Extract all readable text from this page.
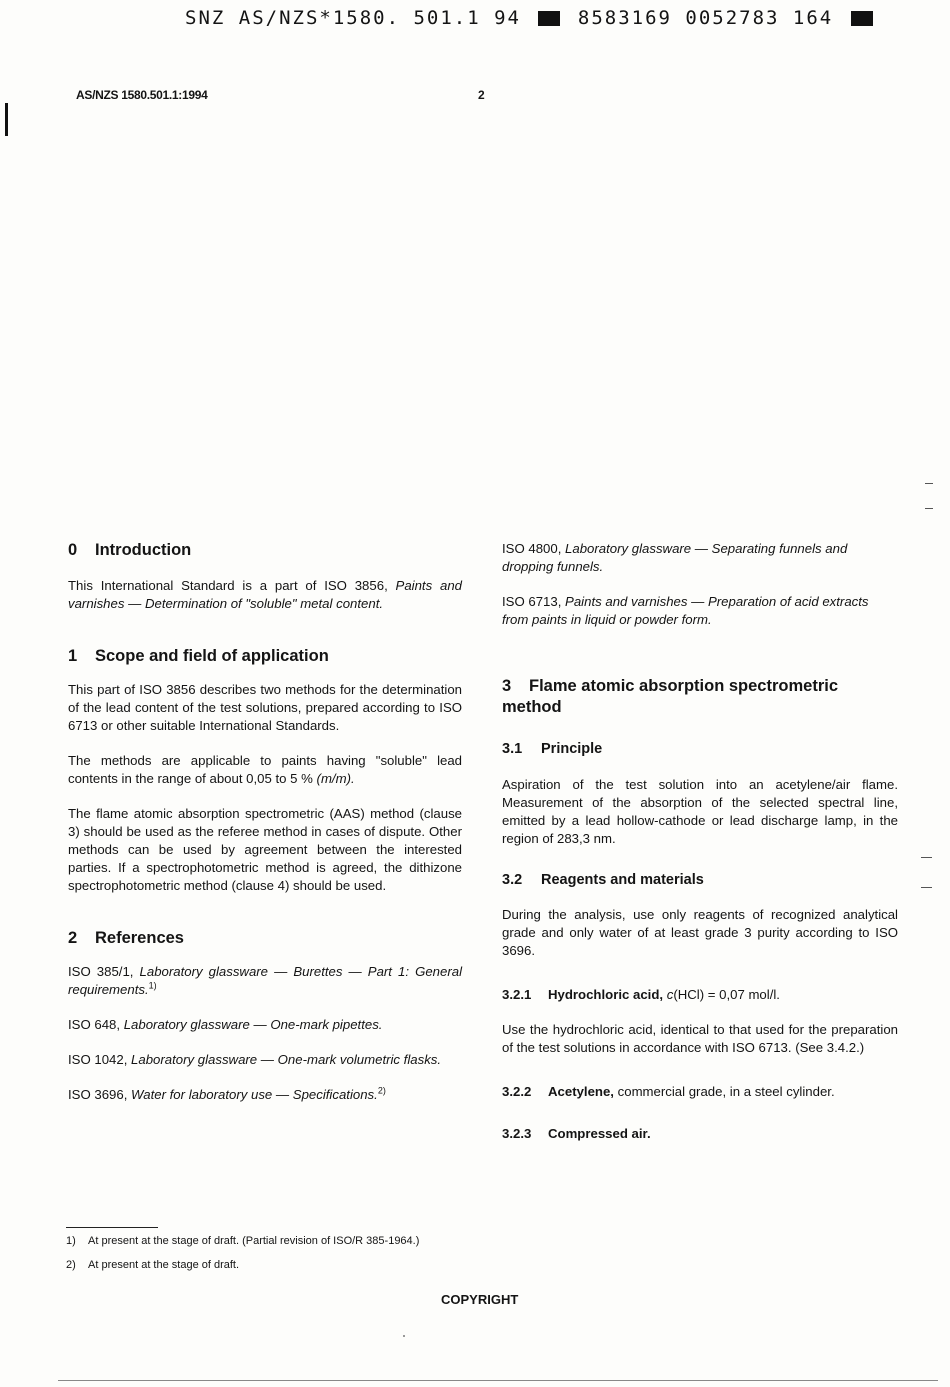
SNZ AS/NZS*1580. 501.1 94	8583169 0052783 164
AS/NZS 1580.501.1:1994	2
0 Introduction

This International Standard is a part of ISO 3856, Paints and varnishes — Determination of "soluble" metal content.

1 Scope and field of application

This part of ISO 3856 describes two methods for the determination of the lead content of the test solutions, prepared according to ISO 6713 or other suitable International Standards.

The methods are applicable to paints having "soluble" lead contents in the range of about 0,05 to 5 % (m/m).

The flame atomic absorption spectrometric (AAS) method (clause 3) should be used as the referee method in cases of dispute. Other methods can be used by agreement between the interested parties. If a spectrophotometric method is agreed, the dithizone spectrophotometric method (clause 4) should be used.

2 References

ISO 385/1, Laboratory glassware — Burettes — Part 1: General requirements.$^{1)}$

ISO 648, Laboratory glassware — One-mark pipettes.

ISO 1042, Laboratory glassware — One-mark volumetric flasks.

ISO 3696, Water for laboratory use — Specifications.$^{2)}$

ISO 4800, Laboratory glassware — Separating funnels and dropping funnels.

ISO 6713, Paints and varnishes — Preparation of acid extracts from paints in liquid or powder form.

3 Flame atomic absorption spectrometric method
3.1 Principle

Aspiration of the test solution into an acetylene/air flame. Measurement of the absorption of the selected spectral line, emitted by a lead hollow-cathode or lead discharge lamp, in the region of 283,3 nm.

3.2 Reagents and materials

During the analysis, use only reagents of recognized analytical grade and only water of at least grade 3 purity according to ISO 3696.

3.2.1 Hydrochloric acid, c(HCl) = 0,07 mol/l.

Use the hydrochloric acid, identical to that used for the preparation of the test solutions in accordance with ISO 6713. (See 3.4.2.)

3.2.2 Acetylene, commercial grade, in a steel cylinder.

3.2.3 Compressed air.

1) At present at the stage of draft. (Partial revision of ISO/R 385-1964.)
2) At present at the stage of draft.
COPYRIGHT
